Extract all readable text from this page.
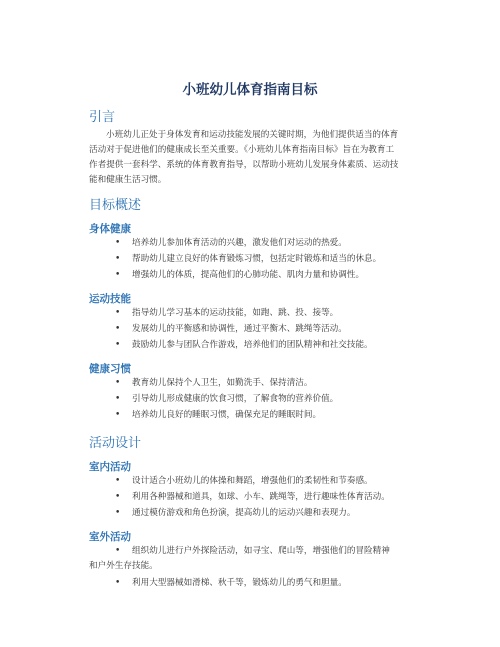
小班幼儿体育指南目标
引言
小班幼儿正处于身体发育和运动技能发展的关键时期，为他们提供适当的体育
活动对于促进他们的健康成长至关重要。《小班幼儿体育指南目标》旨在为教育工
作者提供一套科学、系统的体育教育指导，以帮助小班幼儿发展身体素质、运动技
能和健康生活习惯。
目标概述
身体健康
• 培养幼儿参加体育活动的兴趣，激发他们对运动的热爱。
• 帮助幼儿建立良好的体育锻炼习惯，包括定时锻炼和适当的休息。
• 增强幼儿的体质，提高他们的心肺功能、肌肉力量和协调性。
运动技能
• 指导幼儿学习基本的运动技能，如跑、跳、投、接等。
• 发展幼儿的平衡感和协调性，通过平衡木、跳绳等活动。
• 鼓励幼儿参与团队合作游戏，培养他们的团队精神和社交技能。
健康习惯
• 教育幼儿保持个人卫生，如勤洗手、保持清洁。
• 引导幼儿形成健康的饮食习惯，了解食物的营养价值。
• 培养幼儿良好的睡眠习惯，确保充足的睡眠时间。
活动设计
室内活动
• 设计适合小班幼儿的体操和舞蹈，增强他们的柔韧性和节奏感。
• 利用各种器械和道具，如球、小车、跳绳等，进行趣味性体育活动。
• 通过模仿游戏和角色扮演，提高幼儿的运动兴趣和表现力。
室外活动
• 组织幼儿进行户外探险活动，如寻宝、爬山等，增强他们的冒险精神
和户外生存技能。
• 利用大型器械如滑梯、秋千等，锻炼幼儿的勇气和胆量。
